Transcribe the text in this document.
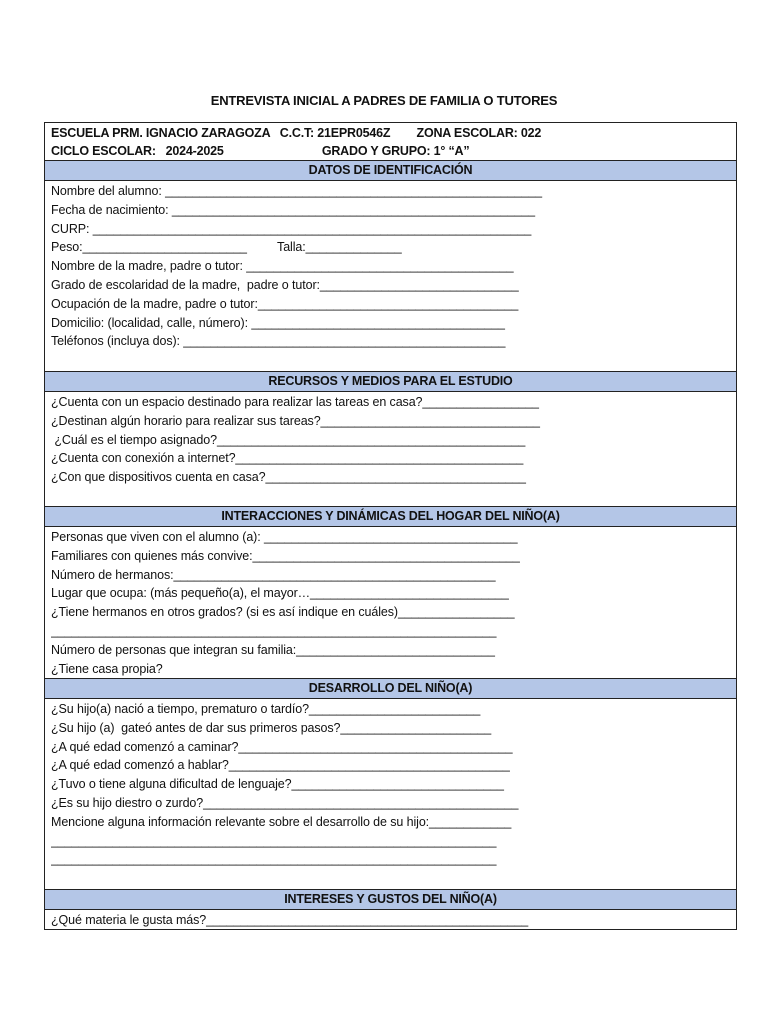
ENTREVISTA INICIAL A PADRES DE FAMILIA O TUTORES
ESCUELA PRM. IGNACIO ZARAGOZA   C.C.T: 21EPR0546Z        ZONA ESCOLAR: 022
CICLO ESCOLAR:   2024-2025                              GRADO Y GRUPO: 1° “A”
DATOS DE IDENTIFICACIÓN
Nombre del alumno: _______________________________________________________
Fecha de nacimiento: _____________________________________________________
CURP: ________________________________________________________________
Peso:________________________         Talla:______________
Nombre de la madre, padre o tutor: _______________________________________
Grado de escolaridad de la madre,  padre o tutor:_____________________________
Ocupación de la madre, padre o tutor:______________________________________
Domicilio: (localidad, calle, número): _____________________________________
Teléfonos (incluya dos): _______________________________________________
RECURSOS Y MEDIOS PARA EL ESTUDIO
¿Cuenta con un espacio destinado para realizar las tareas en casa?_________________
¿Destinan algún horario para realizar sus tareas?________________________________
¿Cuál es el tiempo asignado?_____________________________________________
¿Cuenta con conexión a internet?__________________________________________
¿Con que dispositivos cuenta en casa?______________________________________
INTERACCIONES Y DINÁMICAS DEL HOGAR DEL NIÑO(A)
Personas que viven con el alumno (a): _____________________________________
Familiares con quienes más convive:_______________________________________
Número de hermanos:_______________________________________________
Lugar que ocupa: (más pequeño(a), el mayor…_____________________________
¿Tiene hermanos en otros grados? (si es así indique en cuáles)_________________
_________________________________________________________________
Número de personas que integran su familia:_____________________________
¿Tiene casa propia?
DESARROLLO DEL NIÑO(A)
¿Su hijo(a) nació a tiempo, prematuro o tardío?_________________________
¿Su hijo (a)  gateó antes de dar sus primeros pasos?______________________
¿A qué edad comenzó a caminar?________________________________________
¿A qué edad comenzó a hablar?_________________________________________
¿Tuvo o tiene alguna dificultad de lenguaje?_______________________________
¿Es su hijo diestro o zurdo?______________________________________________
Mencione alguna información relevante sobre el desarrollo de su hijo:____________
_________________________________________________________________
_________________________________________________________________
INTERESES Y GUSTOS DEL NIÑO(A)
¿Qué materia le gusta más?_______________________________________________
